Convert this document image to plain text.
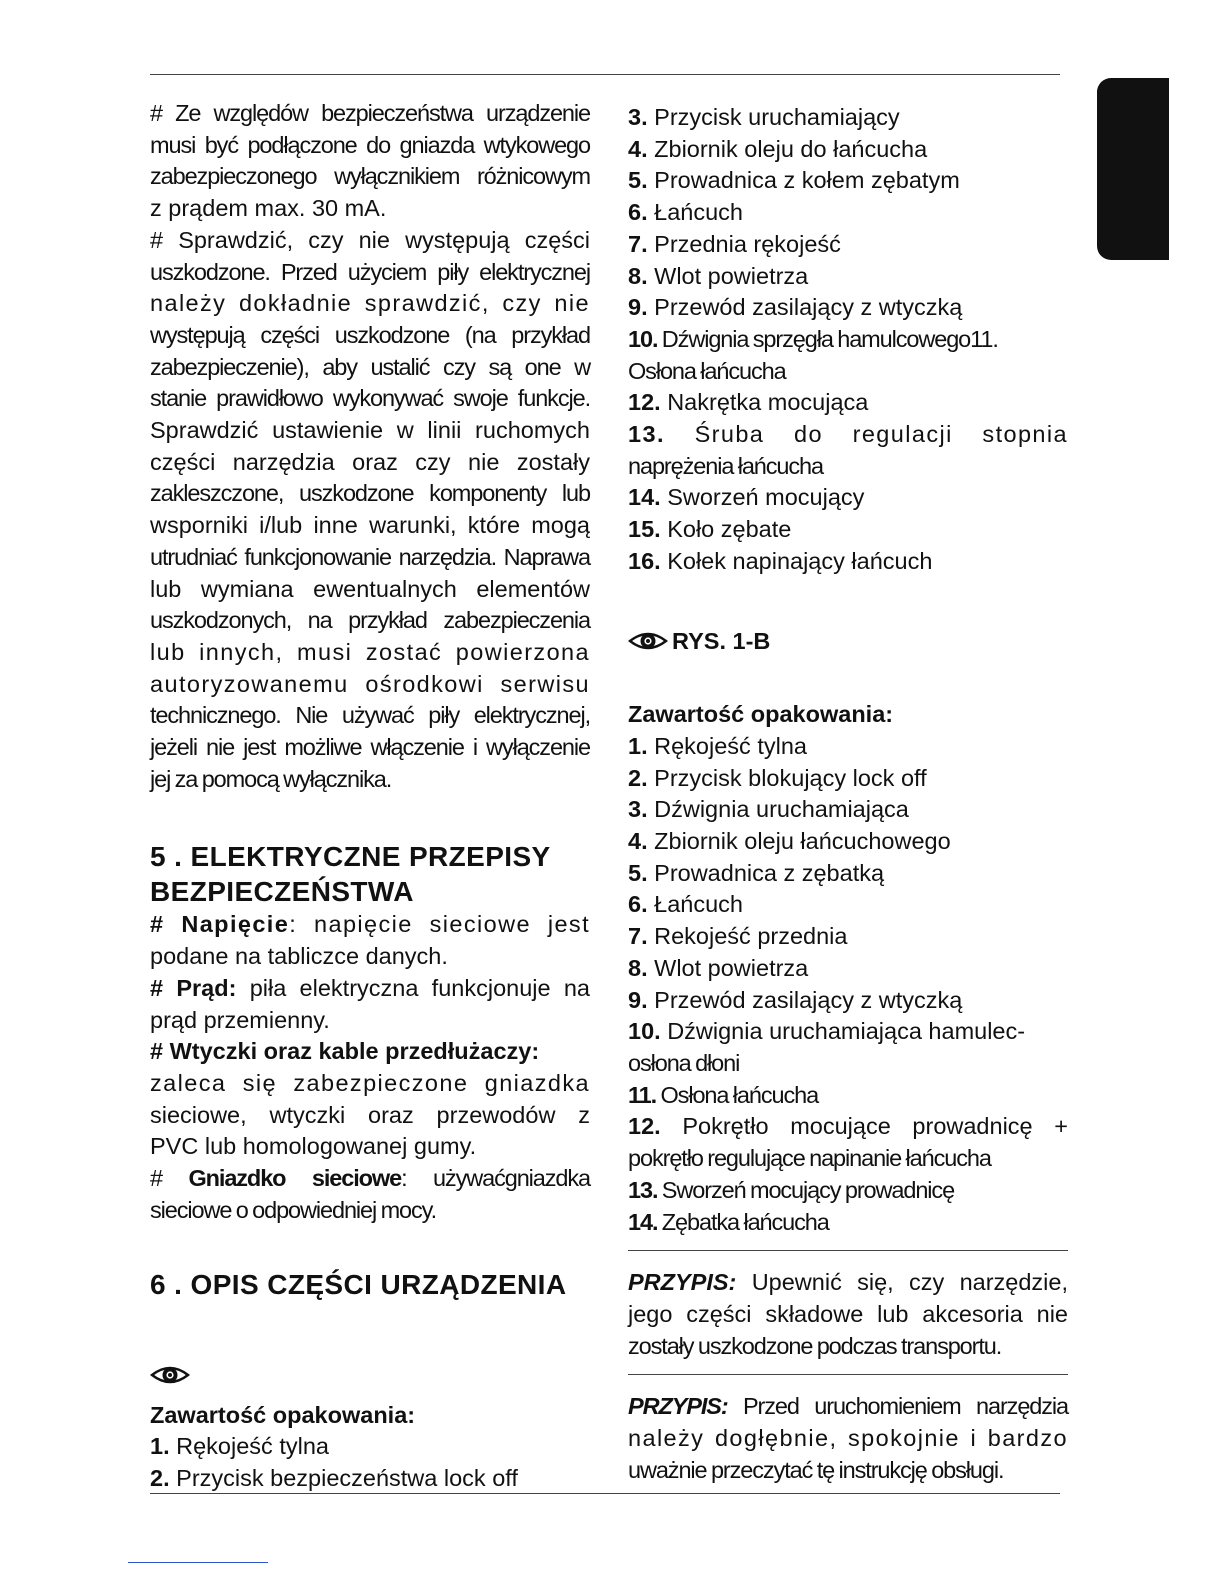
# Ze względów bezpieczeństwa urządzenie

musi być podłączone do gniazda wtykowego

zabezpieczonego wyłącznikiem różnicowym

z prądem max. 30 mA.

# Sprawdzić, czy nie występują części

uszkodzone. Przed użyciem piły elektrycznej

należy dokładnie sprawdzić, czy nie

występują części uszkodzone (na przykład

zabezpieczenie), aby ustalić czy są one w

stanie prawidłowo wykonywać swoje funkcje.

Sprawdzić ustawienie w linii ruchomych

części narzędzia oraz czy nie zostały

zakleszczone, uszkodzone komponenty lub

wsporniki i/lub inne warunki, które mogą

utrudniać funkcjonowanie narzędzia. Naprawa

lub wymiana ewentualnych elementów

uszkodzonych, na przykład zabezpieczenia

lub innych, musi zostać powierzona

autoryzowanemu ośrodkowi serwisu

technicznego. Nie używać piły elektrycznej,

jeżeli nie jest możliwe włączenie i wyłączenie

jej za pomocą wyłącznika.

5 . ELEKTRYCZNE PRZEPISY
BEZPIECZEŃSTWA

# Napięcie: napięcie sieciowe jest

podane na tabliczce danych.

# Prąd: piła elektryczna funkcjonuje na

prąd przemienny.

# Wtyczki oraz kable przedłużaczy:

zaleca się zabezpieczone gniazdka

sieciowe, wtyczki oraz przewodów z

PVC lub homologowanej gumy.

# Gniazdko sieciowe: używaćgniazdka

sieciowe o odpowiedniej mocy.

6 . OPIS CZĘŚCI URZĄDZENIA

Zawartość opakowania:

1. Rękojeść tylna

2. Przycisk bezpieczeństwa lock off

3. Przycisk uruchamiający

4. Zbiornik oleju do łańcucha

5. Prowadnica z kołem zębatym

6. Łańcuch

7. Przednia rękojeść

8. Wlot powietrza

9. Przewód zasilający z wtyczką

10. Dźwignia sprzęgła hamulcowego11.

Osłona łańcucha

12. Nakrętka mocująca

13. Śruba do regulacji stopnia

naprężenia łańcucha

14. Sworzeń mocujący

15. Koło zębate

16. Kołek napinający łańcuch

RYS. 1-B

Zawartość opakowania:

1. Rękojeść tylna

2. Przycisk blokujący lock off

3. Dźwignia uruchamiająca

4. Zbiornik oleju łańcuchowego

5. Prowadnica z zębatką

6. Łańcuch

7. Rekojeść przednia

8. Wlot powietrza

9. Przewód zasilający z wtyczką

10. Dźwignia uruchamiająca hamulec-

osłona dłoni

11. Osłona łańcucha

12. Pokrętło mocujące prowadnicę +

pokrętło regulujące napinanie łańcucha

13. Sworzeń mocujący prowadnicę

14. Zębatka łańcucha

PRZYPIS: Upewnić się, czy narzędzie,

jego części składowe lub akcesoria nie

zostały uszkodzone podczas transportu.

PRZYPIS: Przed uruchomieniem narzędzia

należy dogłębnie, spokojnie i bardzo

uważnie przeczytać tę instrukcję obsługi.
